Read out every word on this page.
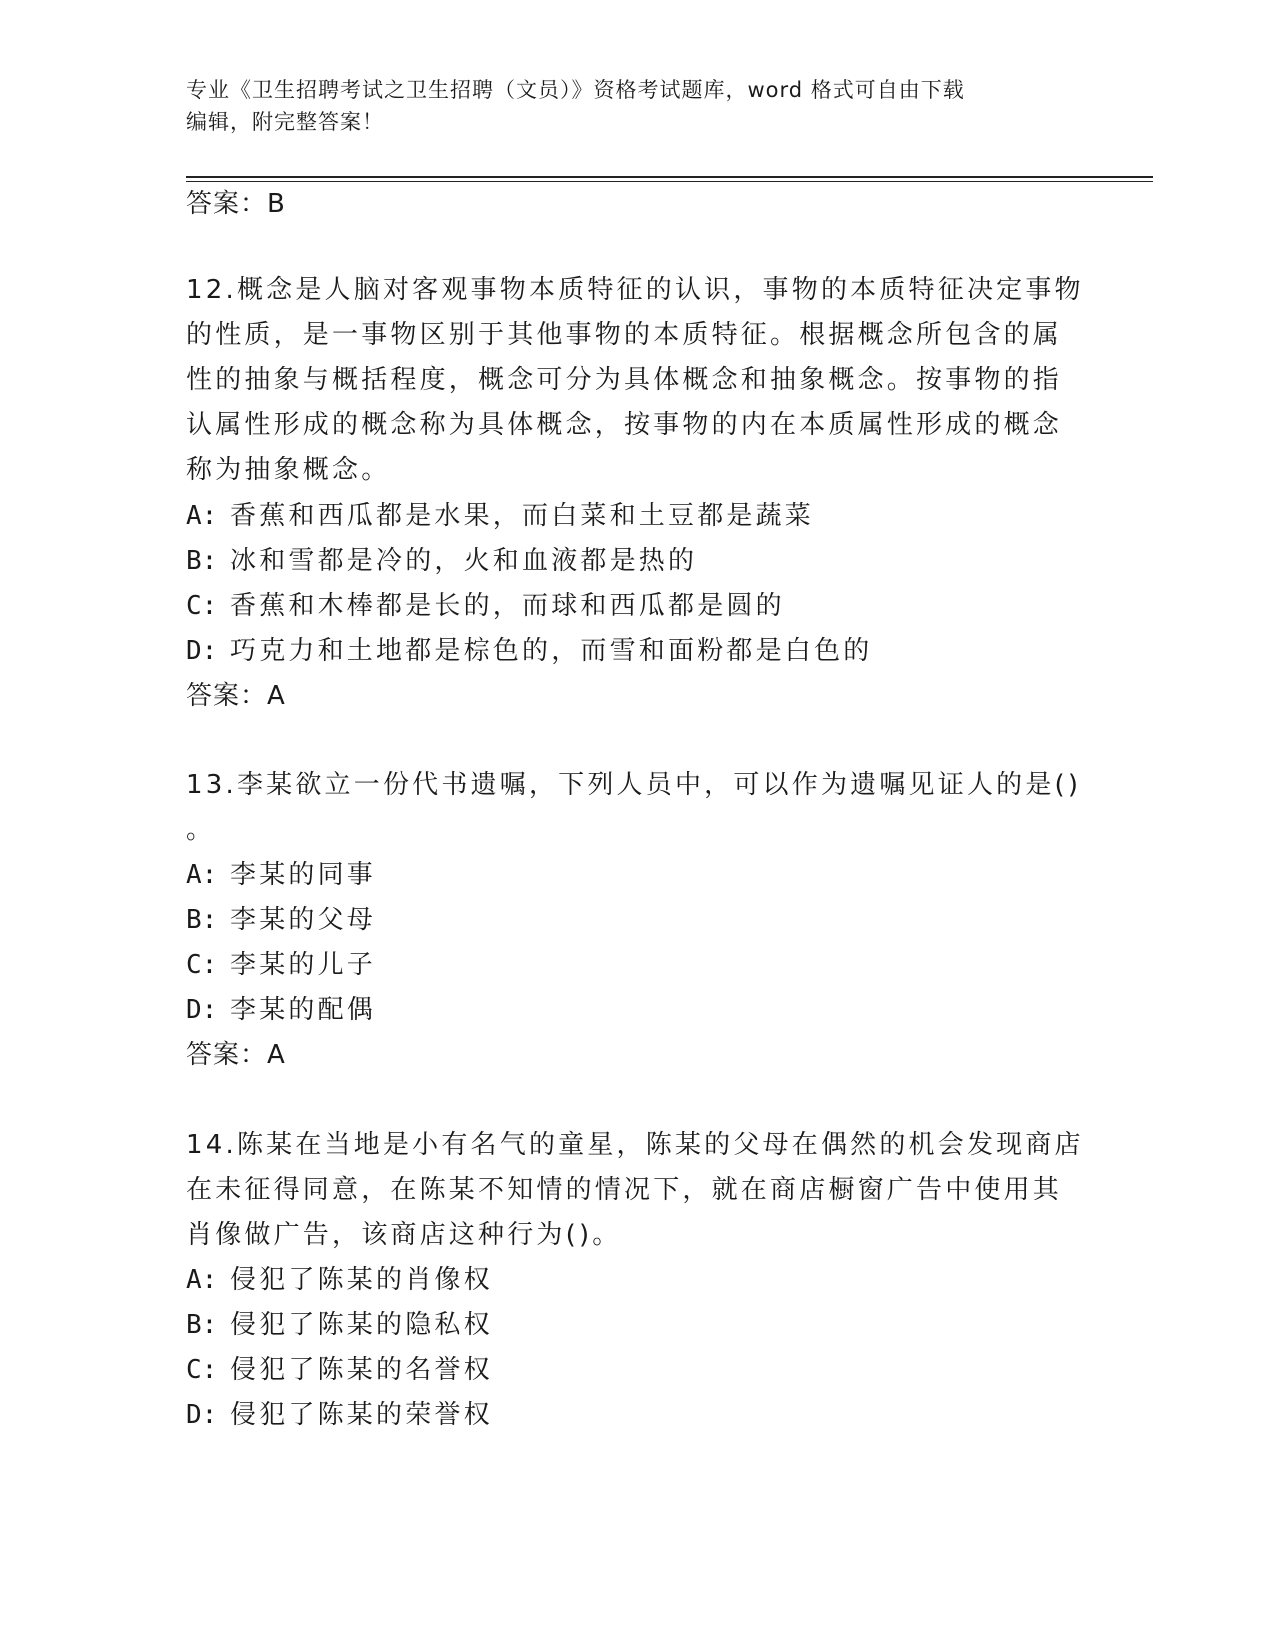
专业《卫生招聘考试之卫生招聘（文员）》资格考试题库，word 格式可自由下载
编辑，附完整答案！
答案：B
12.概念是人脑对客观事物本质特征的认识，事物的本质特征决定事物
的性质，是一事物区别于其他事物的本质特征。根据概念所包含的属
性的抽象与概括程度，概念可分为具体概念和抽象概念。按事物的指
认属性形成的概念称为具体概念，按事物的内在本质属性形成的概念
称为抽象概念。
A: 香蕉和西瓜都是水果，而白菜和土豆都是蔬菜
B: 冰和雪都是冷的，火和血液都是热的
C: 香蕉和木棒都是长的，而球和西瓜都是圆的
D: 巧克力和土地都是棕色的，而雪和面粉都是白色的
答案：A
13.李某欲立一份代书遗嘱，下列人员中，可以作为遗嘱见证人的是()
。
A: 李某的同事
B: 李某的父母
C: 李某的儿子
D: 李某的配偶
答案：A
14.陈某在当地是小有名气的童星，陈某的父母在偶然的机会发现商店
在未征得同意，在陈某不知情的情况下，就在商店橱窗广告中使用其
肖像做广告，该商店这种行为()。
A: 侵犯了陈某的肖像权
B: 侵犯了陈某的隐私权
C: 侵犯了陈某的名誉权
D: 侵犯了陈某的荣誉权
